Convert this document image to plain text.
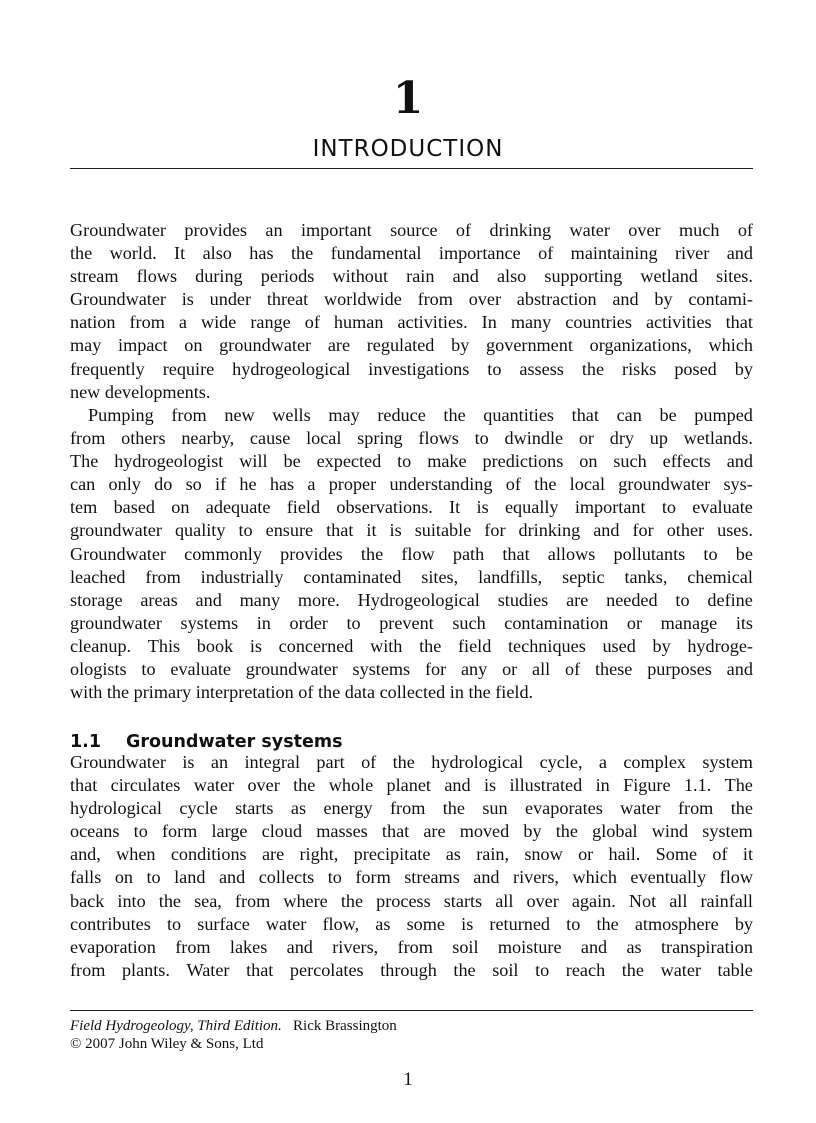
1
INTRODUCTION
Groundwater provides an important source of drinking water over much of
the world. It also has the fundamental importance of maintaining river and
stream flows during periods without rain and also supporting wetland sites.
Groundwater is under threat worldwide from over abstraction and by contami-
nation from a wide range of human activities. In many countries activities that
may impact on groundwater are regulated by government organizations, which
frequently require hydrogeological investigations to assess the risks posed by
new developments.
Pumping from new wells may reduce the quantities that can be pumped
from others nearby, cause local spring flows to dwindle or dry up wetlands.
The hydrogeologist will be expected to make predictions on such effects and
can only do so if he has a proper understanding of the local groundwater sys-
tem based on adequate field observations. It is equally important to evaluate
groundwater quality to ensure that it is suitable for drinking and for other uses.
Groundwater commonly provides the flow path that allows pollutants to be
leached from industrially contaminated sites, landfills, septic tanks, chemical
storage areas and many more. Hydrogeological studies are needed to define
groundwater systems in order to prevent such contamination or manage its
cleanup. This book is concerned with the field techniques used by hydroge-
ologists to evaluate groundwater systems for any or all of these purposes and
with the primary interpretation of the data collected in the field.
1.1 Groundwater systems
Groundwater is an integral part of the hydrological cycle, a complex system
that circulates water over the whole planet and is illustrated in Figure 1.1. The
hydrological cycle starts as energy from the sun evaporates water from the
oceans to form large cloud masses that are moved by the global wind system
and, when conditions are right, precipitate as rain, snow or hail. Some of it
falls on to land and collects to form streams and rivers, which eventually flow
back into the sea, from where the process starts all over again. Not all rainfall
contributes to surface water flow, as some is returned to the atmosphere by
evaporation from lakes and rivers, from soil moisture and as transpiration
from plants. Water that percolates through the soil to reach the water table
Field Hydrogeology, Third Edition. Rick Brassington
© 2007 John Wiley & Sons, Ltd
1
